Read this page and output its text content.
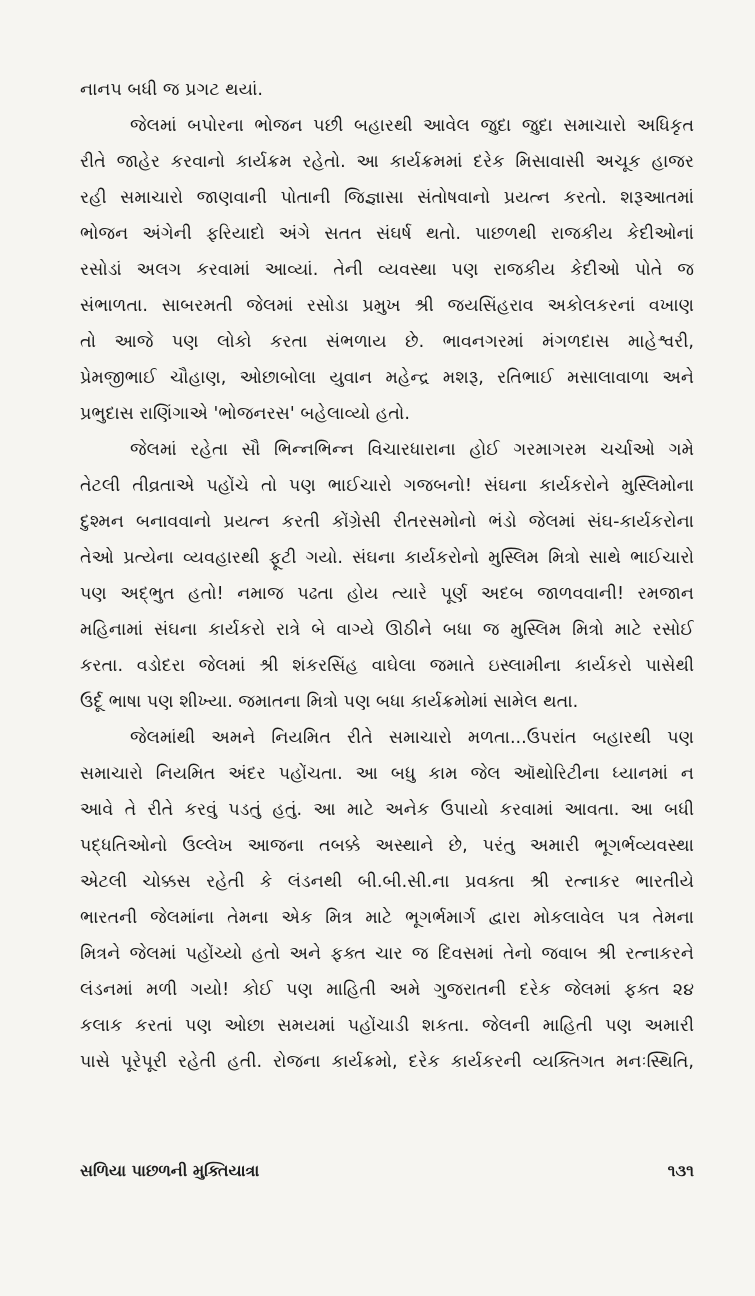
નાનપ બધી જ પ્રગટ થયાં.
જેલમાં બપોરના ભોજન પછી બહારથી આવેલ જુદા જુદા સમાચારો અધિકૃત
રીતે જાહેર કરવાનો કાર્યક્રમ રહેતો. આ કાર્યક્રમમાં દરેક મિસાવાસી અચૂક હાજર
રહી સમાચારો જાણવાની પોતાની જિજ્ઞાસા સંતોષવાનો પ્રયત્ન કરતો. શરૂઆતમાં
ભોજન અંગેની ફરિયાદો અંગે સતત સંઘર્ષ થતો. પાછળથી રાજકીય કેદીઓનાં
રસોડાં અલગ કરવામાં આવ્યાં. તેની વ્યવસ્થા પણ રાજકીય કેદીઓ પોતે જ
સંભાળતા. સાબરમતી જેલમાં રસોડા પ્રમુખ શ્રી જયસિંહરાવ અકોલકરનાં વખાણ
તો આજે પણ લોકો કરતા સંભળાય છે. ભાવનગરમાં મંગળદાસ માહેશ્વરી,
પ્રેમજીભાઈ ચૌહાણ, ઓછાબોલા યુવાન મહેન્દ્ર મશરૂ, રતિભાઈ મસાલાવાળા અને
પ્રભુદાસ રાણિંગાએ 'ભોજનરસ' બહેલાવ્યો હતો.
જેલમાં રહેતા સૌ ભિન્નભિન્ન વિચારધારાના હોઈ ગરમાગરમ ચર્ચાઓ ગમે
તેટલી તીવ્રતાએ પહોંચે તો પણ ભાઈચારો ગજબનો! સંઘના કાર્યકરોને મુસ્લિમોના
દુશ્મન બનાવવાનો પ્રયત્ન કરતી કોંગ્રેસી રીતરસમોનો ભંડો જેલમાં સંઘ-કાર્યકરોના
તેઓ પ્રત્યેના વ્યવહારથી ફૂટી ગયો. સંઘના કાર્યકરોનો મુસ્લિમ મિત્રો સાથે ભાઈચારો
પણ અદ્ભુત હતો! નમાજ પઢતા હોય ત્યારે પૂર્ણ અદબ જાળવવાની! રમજાન
મહિનામાં સંઘના કાર્યકરો રાત્રે બે વાગ્યે ઊઠીને બધા જ મુસ્લિમ મિત્રો માટે રસોઈ
કરતા. વડોદરા જેલમાં શ્રી શંકરસિંહ વાઘેલા જમાતે ઇસ્લામીના કાર્યકરો પાસેથી
ઉર્દૂ ભાષા પણ શીખ્યા. જમાતના મિત્રો પણ બધા કાર્યક્રમોમાં સામેલ થતા.
જેલમાંથી અમને નિયમિત રીતે સમાચારો મળતા...ઉપરાંત બહારથી પણ
સમાચારો નિયમિત અંદર પહોંચતા. આ બધુ કામ જેલ ઑથોરિટીના ધ્યાનમાં ન
આવે તે રીતે કરવું પડતું હતું. આ માટે અનેક ઉપાયો કરવામાં આવતા. આ બધી
પદ્ધતિઓનો ઉલ્લેખ આજના તબક્કે અસ્થાને છે, પરંતુ અમારી ભૂગર્ભવ્યવસ્થા
એટલી ચોક્કસ રહેતી કે લંડનથી બી.બી.સી.ના પ્રવક્તા શ્રી રત્નાકર ભારતીયે
ભારતની જેલમાંના તેમના એક મિત્ર માટે ભૂગર્ભમાર્ગ દ્વારા મોકલાવેલ પત્ર તેમના
મિત્રને જેલમાં પહોંચ્યો હતો અને ફક્ત ચાર જ દિવસમાં તેનો જવાબ શ્રી રત્નાકરને
લંડનમાં મળી ગયો! કોઈ પણ માહિતી અમે ગુજરાતની દરેક જેલમાં ફક્ત ૨૪
કલાક કરતાં પણ ઓછા સમયમાં પહોંચાડી શકતા. જેલની માહિતી પણ અમારી
પાસે પૂરેપૂરી રહેતી હતી. રોજના કાર્યક્રમો, દરેક કાર્યકરની વ્યક્તિગત મનઃસ્થિતિ,
સળિયા પાછળની મુક્તિયાત્રા	૧૩૧
